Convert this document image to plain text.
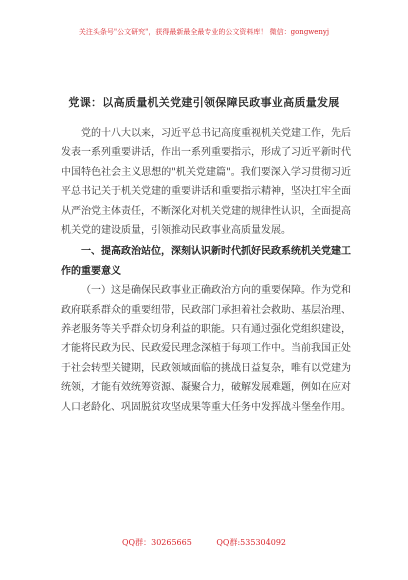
关注头条号"公文研究"，获得最新最全最专业的公文资料库！ 微信：gongwenyj
党课：以高质量机关党建引领保障民政事业高质量发展

党的十八大以来，习近平总书记高度重视机关党建工作，先后发表一系列重要讲话，作出一系列重要指示，形成了习近平新时代中国特色社会主义思想的"机关党建篇"。我们要深入学习贯彻习近平总书记关于机关党建的重要讲话和重要指示精神，坚决扛牢全面从严治党主体责任，不断深化对机关党建的规律性认识，全面提高机关党的建设质量，引领推动民政事业高质量发展。

一、提高政治站位，深刻认识新时代抓好民政系统机关党建工作的重要意义

（一）这是确保民政事业正确政治方向的重要保障。作为党和政府联系群众的重要纽带，民政部门承担着社会救助、基层治理、养老服务等关乎群众切身利益的职能。只有通过强化党组织建设，才能将民政为民、民政爱民理念深植于每项工作中。当前我国正处于社会转型关键期，民政领域面临的挑战日益复杂，唯有以党建为统领，才能有效统筹资源、凝聚合力，破解发展难题，例如在应对人口老龄化、巩固脱贫攻坚成果等重大任务中发挥战斗堡垒作用。

QQ群：30265665	QQ群:535304092
